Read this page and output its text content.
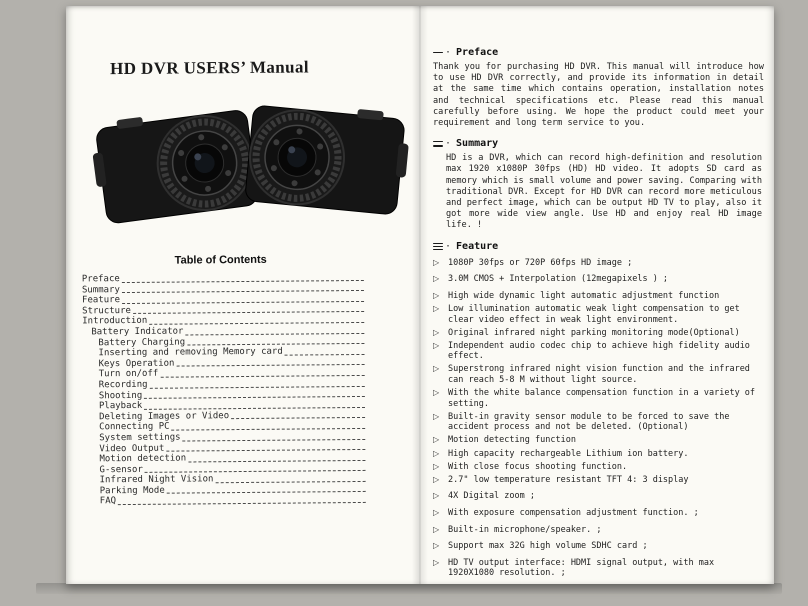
HD DVR USERS’ Manual
Table of Contents
Preface
Summary
Feature
Structure
Introduction
Battery Indicator
Battery Charging
Inserting and removing Memory card
Keys Operation
Turn on/off
Recording
Shooting
Playback
Deleting Images or Video
Connecting PC
System settings
Video Output
Motion detection
G-sensor
Infrared Night Vision
Parking Mode
FAQ
·
Preface

Thank you for purchasing HD DVR. This manual will introduce how to use HD DVR correctly, and provide its information in detail at the same time which contains operation, installation notes and technical specifications etc. Please read this manual carefully before using. We hope the product could meet your requirement and long term service to you.

·
Summary

HD is a DVR, which can record high-definition and resolution max 1920 x1080P 30fps (HD) HD video. It adopts SD card as memory which is small volume and power saving. Comparing with traditional DVR. Except for HD DVR can record more meticulous and perfect image, which can be output HD TV to play, also it got more wide view angle. Use HD and enjoy real HD image life. !

·
Feature
▷	1080P 30fps or 720P 60fps HD image ;
▷	3.0M CMOS + Interpolation (12megapixels ) ;
▷	High wide dynamic light automatic adjustment function
▷	Low illumination automatic weak light compensation to get clear video effect in weak light environment.
▷	Original infrared night parking monitoring mode(Optional)
▷	Independent audio codec chip to achieve high fidelity audio effect.
▷	Superstrong infrared night vision function and the infrared can reach 5-8 M without light source.
▷	With the white balance compensation function in a variety of setting.
▷	Built-in gravity sensor module to be forced to save the accident process and not be deleted. (Optional)
▷	Motion detecting function
▷	High capacity rechargeable Lithium ion battery.
▷	With close focus shooting function.
▷	2.7" low temperature resistant TFT 4: 3 display
▷	4X Digital zoom ;
▷	With exposure compensation adjustment function. ;
▷	Built-in microphone/speaker. ;
▷	Support max 32G high volume SDHC card ;
▷	HD TV output interface: HDMI signal output, with max 1920X1080 resolution. ;
